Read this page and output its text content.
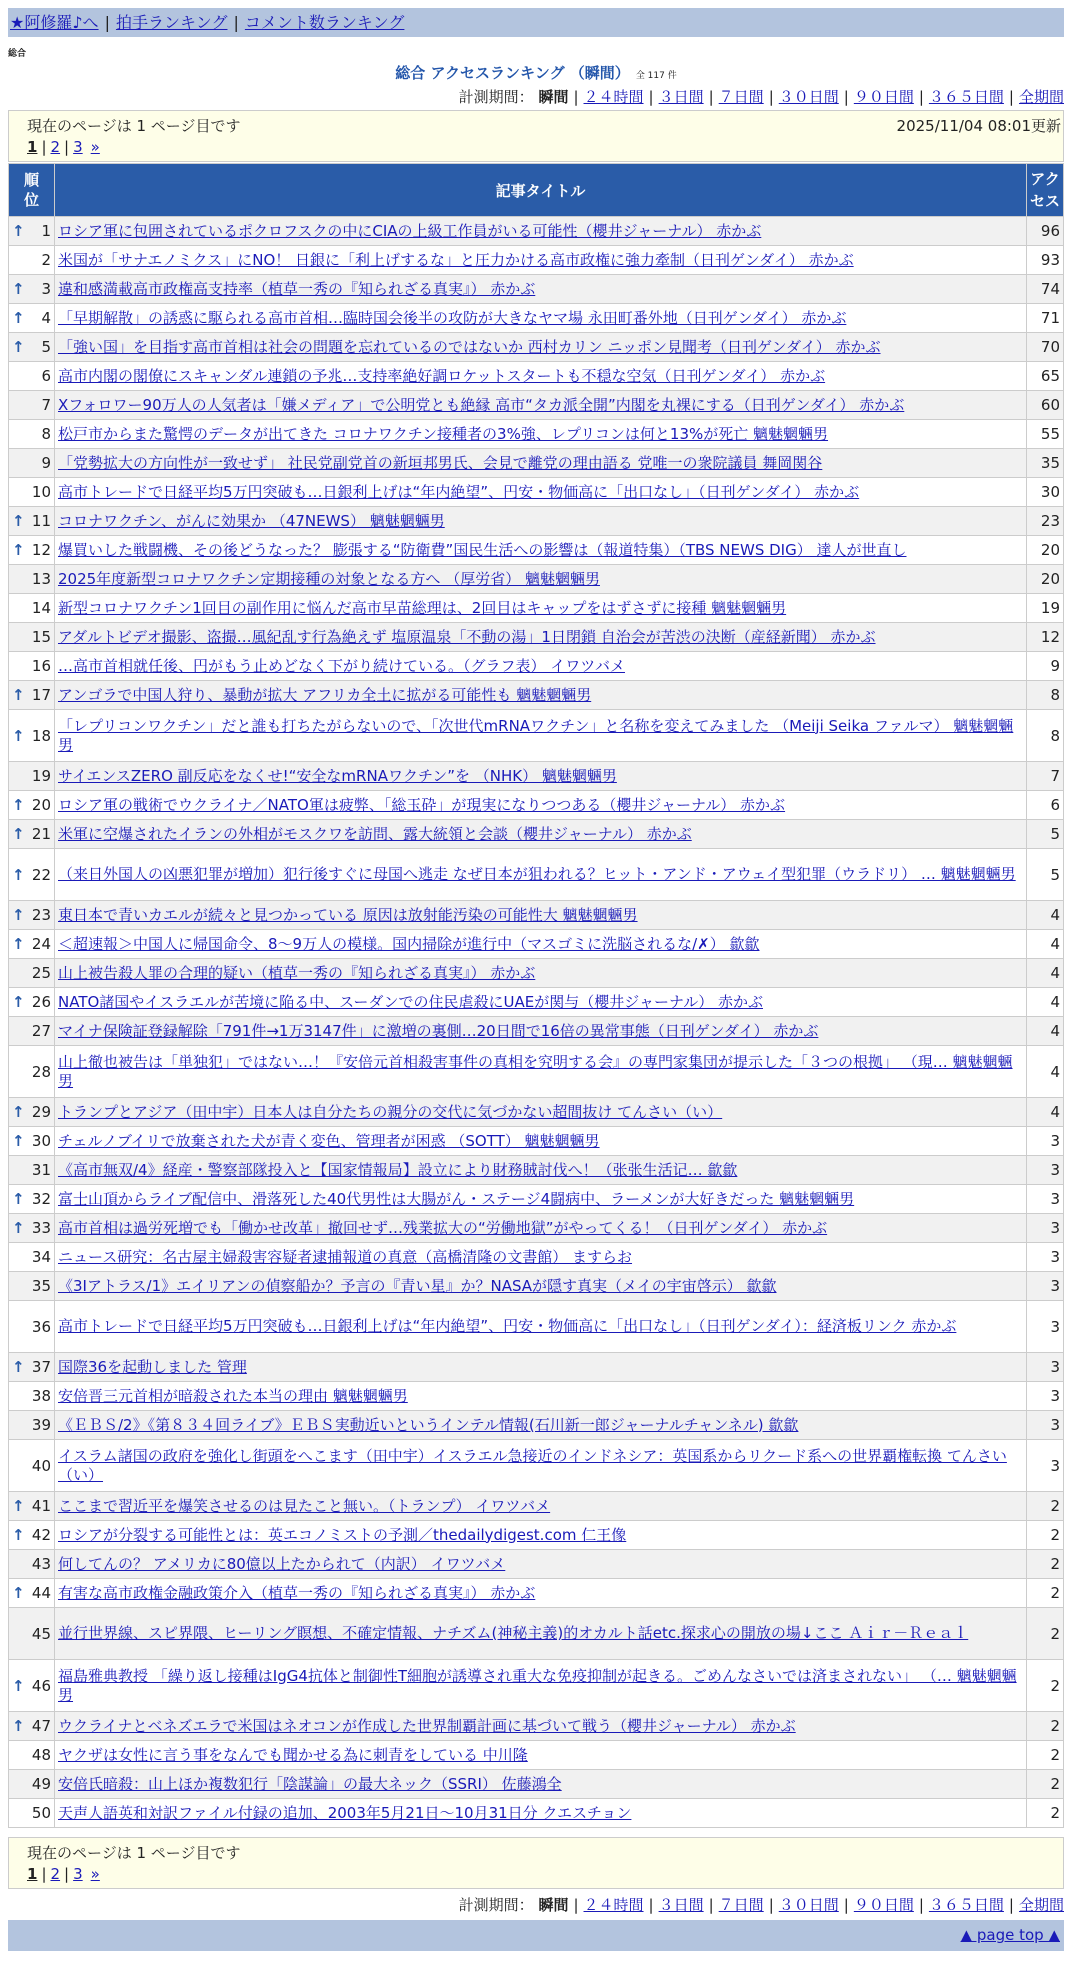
★阿修羅♪へ | 拍手ランキング | コメント数ランキング
総合
総合 アクセスランキング （瞬間） 全 117 件
計測期間： 瞬間 | ２４時間 | ３日間 | ７日間 | ３０日間 | ９０日間 | ３６５日間 | 全期間
現在のページは 1 ページ目です	2025/11/04 08:01更新
1 | 2 | 3 »
順位	記事タイトル	アクセス

↑ 1	ロシア軍に包囲されているポクロフスクの中にCIAの上級工作員がいる可能性（櫻井ジャーナル） 赤かぶ	96
2	米国が「サナエノミクス」にNO！ 日銀に「利上げするな」と圧力かける高市政権に強力牽制（日刊ゲンダイ） 赤かぶ	93

↑ 3	違和感満載高市政権高支持率（植草一秀の『知られざる真実』） 赤かぶ	74

↑ 4	「早期解散」の誘惑に駆られる高市首相…臨時国会後半の攻防が大きなヤマ場 永田町番外地（日刊ゲンダイ） 赤かぶ	71

↑ 5	「強い国」を目指す高市首相は社会の問題を忘れているのではないか 西村カリン ニッポン見聞考（日刊ゲンダイ） 赤かぶ	70
6	高市内閣の閣僚にスキャンダル連鎖の予兆…支持率絶好調ロケットスタートも不穏な空気（日刊ゲンダイ） 赤かぶ	65
7	Xフォロワー90万人の人気者は「嫌メディア」で公明党とも絶縁 高市“タカ派全開”内閣を丸裸にする（日刊ゲンダイ） 赤かぶ	60
8	松戸市からまた驚愕のデータが出てきた コロナワクチン接種者の3%強、レプリコンは何と13%が死亡 魑魅魍魎男	55
9	「党勢拡大の方向性が一致せず」 社民党副党首の新垣邦男氏、会見で離党の理由語る 党唯一の衆院議員 舞岡関谷	35
10	高市トレードで日経平均5万円突破も…日銀利上げは“年内絶望”、円安・物価高に「出口なし」（日刊ゲンダイ） 赤かぶ	30

↑ 11	コロナワクチン、がんに効果か （47NEWS） 魑魅魍魎男	23

↑ 12	爆買いした戦闘機、その後どうなった？ 膨張する“防衛費”国民生活への影響は（報道特集）（TBS NEWS DIG） 達人が世直し	20
13	2025年度新型コロナワクチン定期接種の対象となる方へ （厚労省） 魑魅魍魎男	20
14	新型コロナワクチン1回目の副作用に悩んだ高市早苗総理は、2回目はキャップをはずさずに接種 魑魅魍魎男	19
15	アダルトビデオ撮影、盗撮…風紀乱す行為絶えず 塩原温泉「不動の湯」1日閉鎖 自治会が苦渋の決断（産経新聞） 赤かぶ	12
16	…高市首相就任後、円がもう止めどなく下がり続けている。（グラフ表） イワツバメ	9

↑ 17	アンゴラで中国人狩り、暴動が拡大 アフリカ全土に拡がる可能性も 魑魅魍魎男	8

↑ 18	「レプリコンワクチン」だと誰も打ちたがらないので、「次世代mRNAワクチン」と名称を変えてみました （Meiji Seika ファルマ） 魑魅魍魎男	8
19	サイエンスZERO 副反応をなくせ!“安全なmRNAワクチン”を （NHK） 魑魅魍魎男	7

↑ 20	ロシア軍の戦術でウクライナ／NATO軍は疲弊、「総玉砕」が現実になりつつある（櫻井ジャーナル） 赤かぶ	6

↑ 21	米軍に空爆されたイランの外相がモスクワを訪問、露大統領と会談（櫻井ジャーナル） 赤かぶ	5

↑ 22	（来日外国人の凶悪犯罪が増加）犯行後すぐに母国へ逃走 なぜ日本が狙われる？ヒット・アンド・アウェイ型犯罪（ウラドリ） … 魑魅魍魎男	5

↑ 23	東日本で青いカエルが続々と見つかっている 原因は放射能汚染の可能性大 魑魅魍魎男	4

↑ 24	＜超速報＞中国人に帰国命令、8〜9万人の模様。国内掃除が進行中（マスゴミに洗脳されるな/✗） 歙歙	4
25	山上被告殺人罪の合理的疑い（植草一秀の『知られざる真実』） 赤かぶ	4

↑ 26	NATO諸国やイスラエルが苦境に陥る中、スーダンでの住民虐殺にUAEが関与（櫻井ジャーナル） 赤かぶ	4
27	マイナ保険証登録解除「791件→1万3147件」に激増の裏側…20日間で16倍の異常事態（日刊ゲンダイ） 赤かぶ	4
28	山上徹也被告は「単独犯」ではない…！『安倍元首相殺害事件の真相を究明する会』の専門家集団が提示した「３つの根拠」 （現… 魑魅魍魎男	4

↑ 29	トランプとアジア（田中宇）日本人は自分たちの親分の交代に気づかない超間抜け てんさい（い）	4

↑ 30	チェルノブイリで放棄された犬が青く変色、管理者が困惑 （SOTT） 魑魅魍魎男	3
31	《高市無双/4》経産・警察部隊投入と【国家情報局】設立により財務賊討伐へ！（张张生活记… 歙歙	3

↑ 32	富士山頂からライブ配信中、滑落死した40代男性は大腸がん・ステージ4闘病中、ラーメンが大好きだった 魑魅魍魎男	3

↑ 33	高市首相は過労死増でも「働かせ改革」撤回せず…残業拡大の“労働地獄”がやってくる！（日刊ゲンダイ） 赤かぶ	3
34	ニュース研究：名古屋主婦殺害容疑者逮捕報道の真意（高橋清隆の文書館） ますらお	3
35	《3Iアトラス/1》エイリアンの偵察船か？予言の『青い星』か？NASAが隠す真実（メイの宇宙啓示） 歙歙	3
36	高市トレードで日経平均5万円突破も…日銀利上げは“年内絶望”、円安・物価高に「出口なし」（日刊ゲンダイ）：経済板リンク 赤かぶ	3

↑ 37	国際36を起動しました 管理	3
38	安倍晋三元首相が暗殺された本当の理由 魑魅魍魎男	3
39	《ＥＢＳ/2》《第８３４回ライブ》ＥＢＳ実動近いというインテル情報(石川新一郎ジャーナルチャンネル) 歙歙	3
40	イスラム諸国の政府を強化し街頭をへこます（田中宇）イスラエル急接近のインドネシア：英国系からリクード系への世界覇権転換 てんさい（い）	3

↑ 41	ここまで習近平を爆笑させるのは見たこと無い。（トランプ） イワツバメ	2

↑ 42	ロシアが分裂する可能性とは：英エコノミストの予測／thedailydigest.com 仁王像	2
43	何してんの？ アメリカに80億以上たかられて（内訳） イワツバメ	2

↑ 44	有害な高市政権金融政策介入（植草一秀の『知られざる真実』） 赤かぶ	2
45	並行世界線、スピ界隈、ヒーリング瞑想、不確定情報、ナチズム(神秘主義)的オカルト話etc.探求心の開放の場↓ここ Ａｉｒ－Ｒｅａｌ	2

↑ 46	福島雅典教授 「繰り返し接種はIgG4抗体と制御性T細胞が誘導され重大な免疫抑制が起きる。ごめんなさいでは済まされない」 （… 魑魅魍魎男	2

↑ 47	ウクライナとベネズエラで米国はネオコンが作成した世界制覇計画に基づいて戦う（櫻井ジャーナル） 赤かぶ	2
48	ヤクザは女性に言う事をなんでも聞かせる為に刺青をしている 中川隆	2
49	安倍氏暗殺：山上ほか複数犯行「陰謀論」の最大ネック（SSRI） 佐藤鴻全	2
50	天声人語英和対訳ファイル付録の追加、2003年5月21日〜10月31日分 クエスチョン	2
現在のページは 1 ページ目です
1 | 2 | 3 »
計測期間： 瞬間 | ２４時間 | ３日間 | ７日間 | ３０日間 | ９０日間 | ３６５日間 | 全期間
▲ page top ▲
